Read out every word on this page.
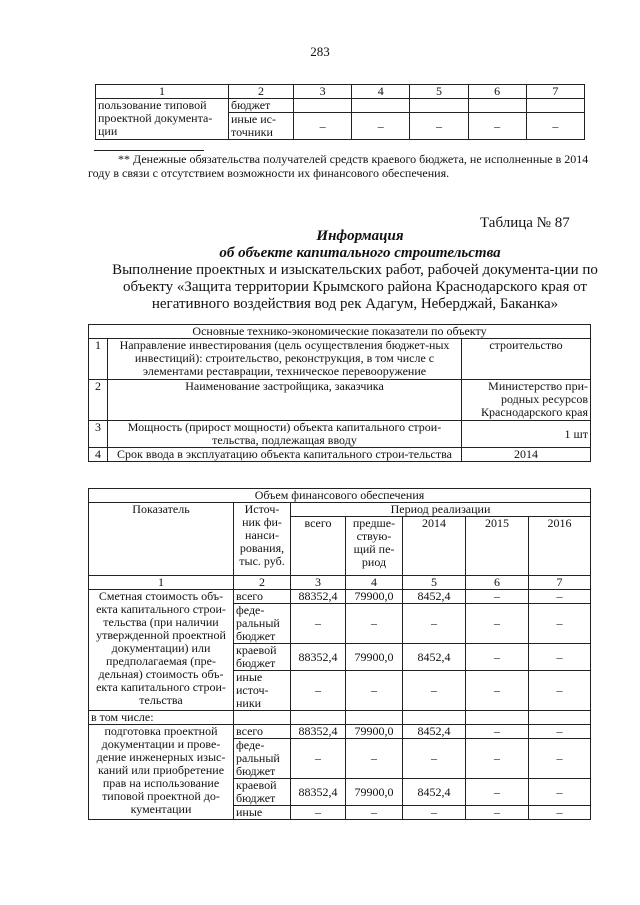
283
1	2	3	4	5	6	7
пользование типовой проектной документа-ции	бюджет					
	иные ис-точники	–	–	–	–	–
** Денежные обязательства получателей средств краевого бюджета, не исполненные в 2014 году в связи с отсутствием возможности их финансового обеспечения.
Таблица № 87
Информация
об объекте капитального строительства
Выполнение проектных и изыскательских работ, рабочей документа-ции по объекту «Защита территории Крымского района Краснодарского края от негативного воздействия вод рек Адагум, Неберджай, Баканка»
Основные технико-экономические показатели по объекту		
1	Направление инвестирования (цель осуществления бюджет-ных инвестиций): строительство, реконструкция, в том числе с элементами реставрации, техническое перевооружение	строительство
2	Наименование застройщика, заказчика	Министерство при-родных ресурсов Краснодарского края
3	Мощность (прирост мощности) объекта капитального строи-тельства, подлежащая вводу	1 шт
4	Срок ввода в эксплуатацию объекта капитального строи-тельства	2014
Объем финансового обеспечения						
Показатель	Источ-ник фи-нанси-рования, тыс. руб.	Период реализации				
		всего	предше-ствую-щий пе-риод	2014	2015	2016
1	2	3	4	5	6	7
Сметная стоимость объ-екта капитального строи-тельства (при наличии утвержденной проектной документации) или предполагаемая (пре-дельная) стоимость объ-екта капитального строи-тельства	всего	88352,4	79900,0	8452,4	–	–
	феде-ральный бюджет	–	–	–	–	–
	краевой бюджет	88352,4	79900,0	8452,4	–	–
	иные источ-ники	–	–	–	–	–
в том числе:						
подготовка проектной документации и прове-дение инженерных изыс-каний или приобретение прав на использование типовой проектной до-кументации	всего	88352,4	79900,0	8452,4	–	–
	феде-ральный бюджет	–	–	–	–	–
	краевой бюджет	88352,4	79900,0	8452,4	–	–
	иные	–	–	–	–	–
